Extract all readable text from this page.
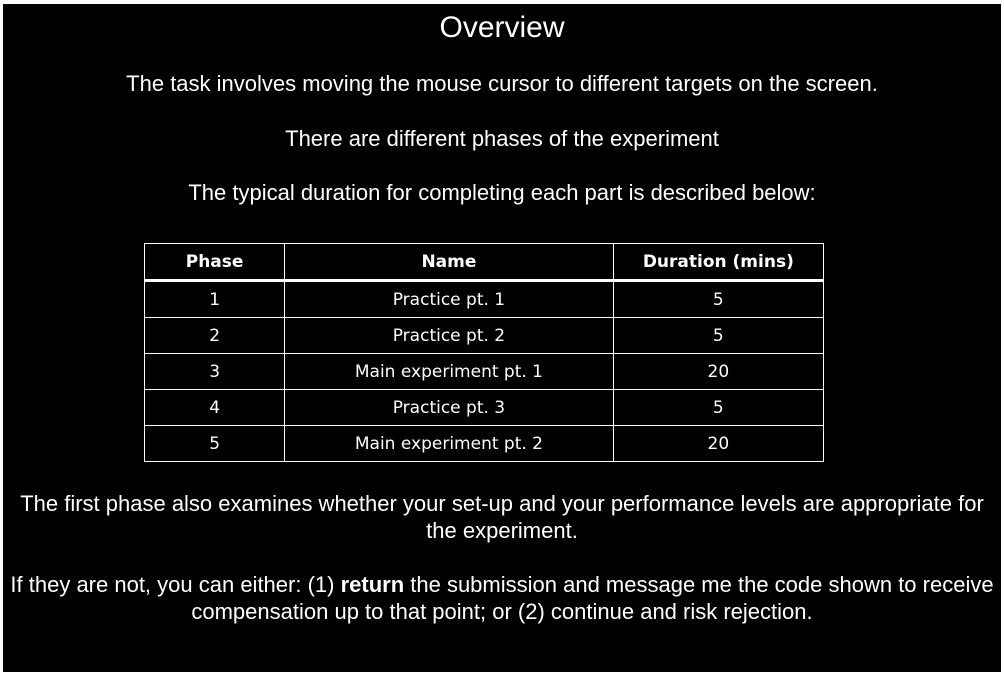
Overview
The task involves moving the mouse cursor to different targets on the screen.
There are different phases of the experiment
The typical duration for completing each part is described below:
Phase	Name	Duration (mins)
1	Practice pt. 1	5
2	Practice pt. 2	5
3	Main experiment pt. 1	20
4	Practice pt. 3	5
5	Main experiment pt. 2	20
The first phase also examines whether your set-up and your performance levels are appropriate for the experiment.
If they are not, you can either: (1) return the submission and message me the code shown to receive compensation up to that point; or (2) continue and risk rejection.
